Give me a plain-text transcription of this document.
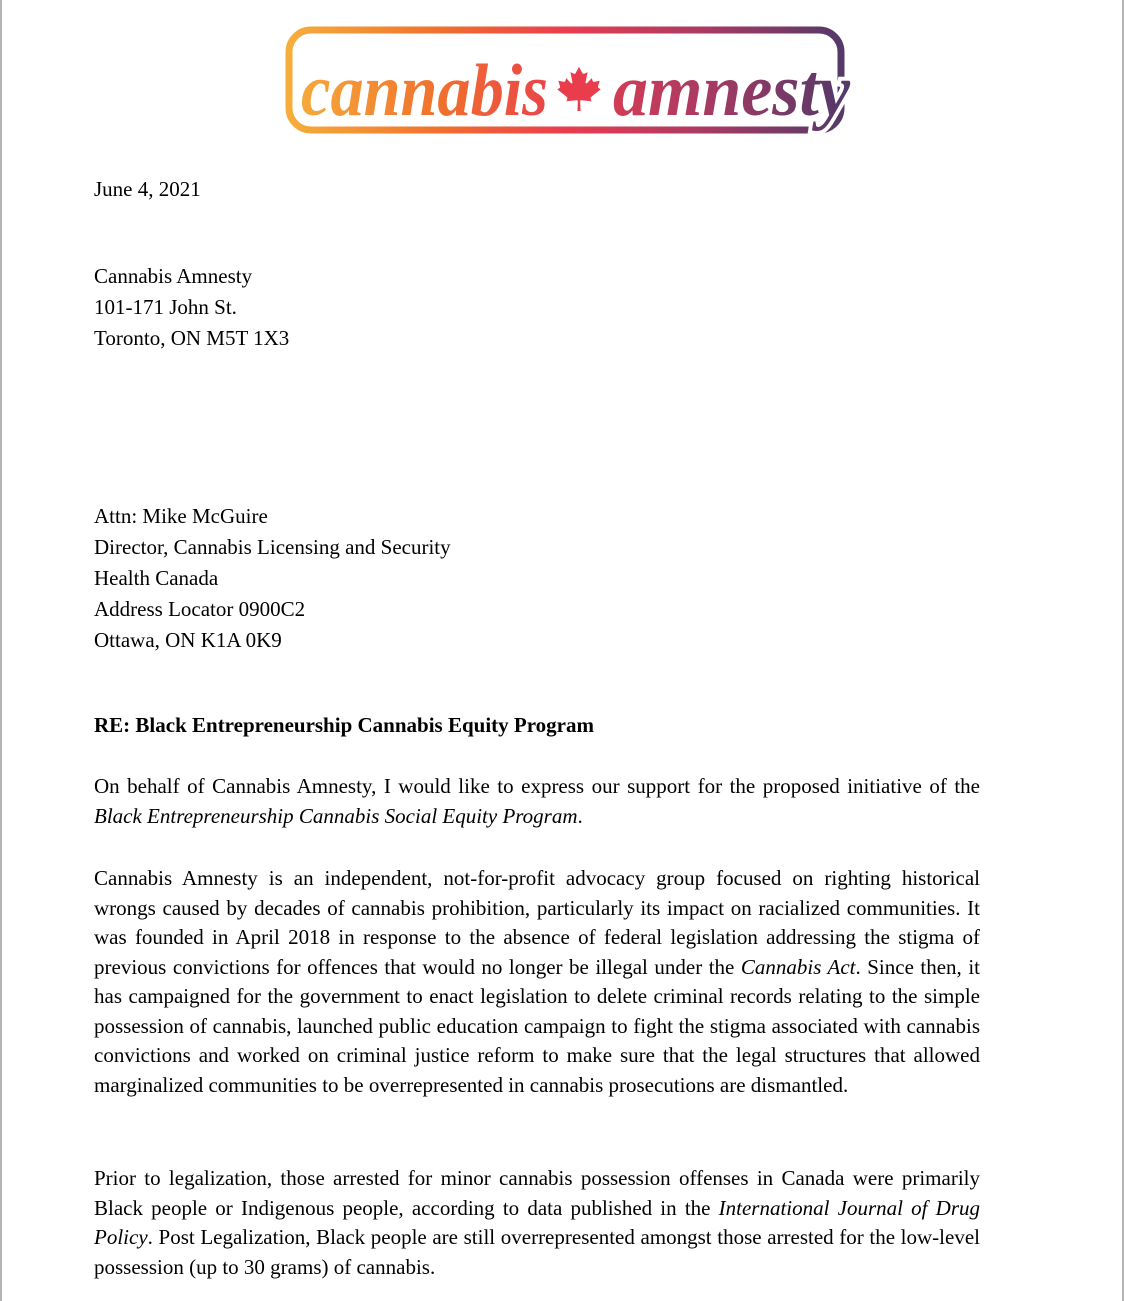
cannabis amnesty
June 4, 2021
Cannabis Amnesty
101-171 John St.
Toronto, ON M5T 1X3
Attn: Mike McGuire
Director, Cannabis Licensing and Security
Health Canada
Address Locator 0900C2
Ottawa, ON K1A 0K9
RE: Black Entrepreneurship Cannabis Equity Program
On behalf of Cannabis Amnesty, I would like to express our support for the proposed initiative of the Black Entrepreneurship Cannabis Social Equity Program.
Cannabis Amnesty is an independent, not-for-profit advocacy group focused on righting historical wrongs caused by decades of cannabis prohibition, particularly its impact on racialized communities. It was founded in April 2018 in response to the absence of federal legislation addressing the stigma of previous convictions for offences that would no longer be illegal under the Cannabis Act. Since then, it has campaigned for the government to enact legislation to delete criminal records relating to the simple possession of cannabis, launched public education campaign to fight the stigma associated with cannabis convictions and worked on criminal justice reform to make sure that the legal structures that allowed marginalized communities to be overrepresented in cannabis prosecutions are dismantled.
Prior to legalization, those arrested for minor cannabis possession offenses in Canada were primarily Black people or Indigenous people, according to data published in the International Journal of Drug Policy. Post Legalization, Black people are still overrepresented amongst those arrested for the low-level possession (up to 30 grams) of cannabis.
